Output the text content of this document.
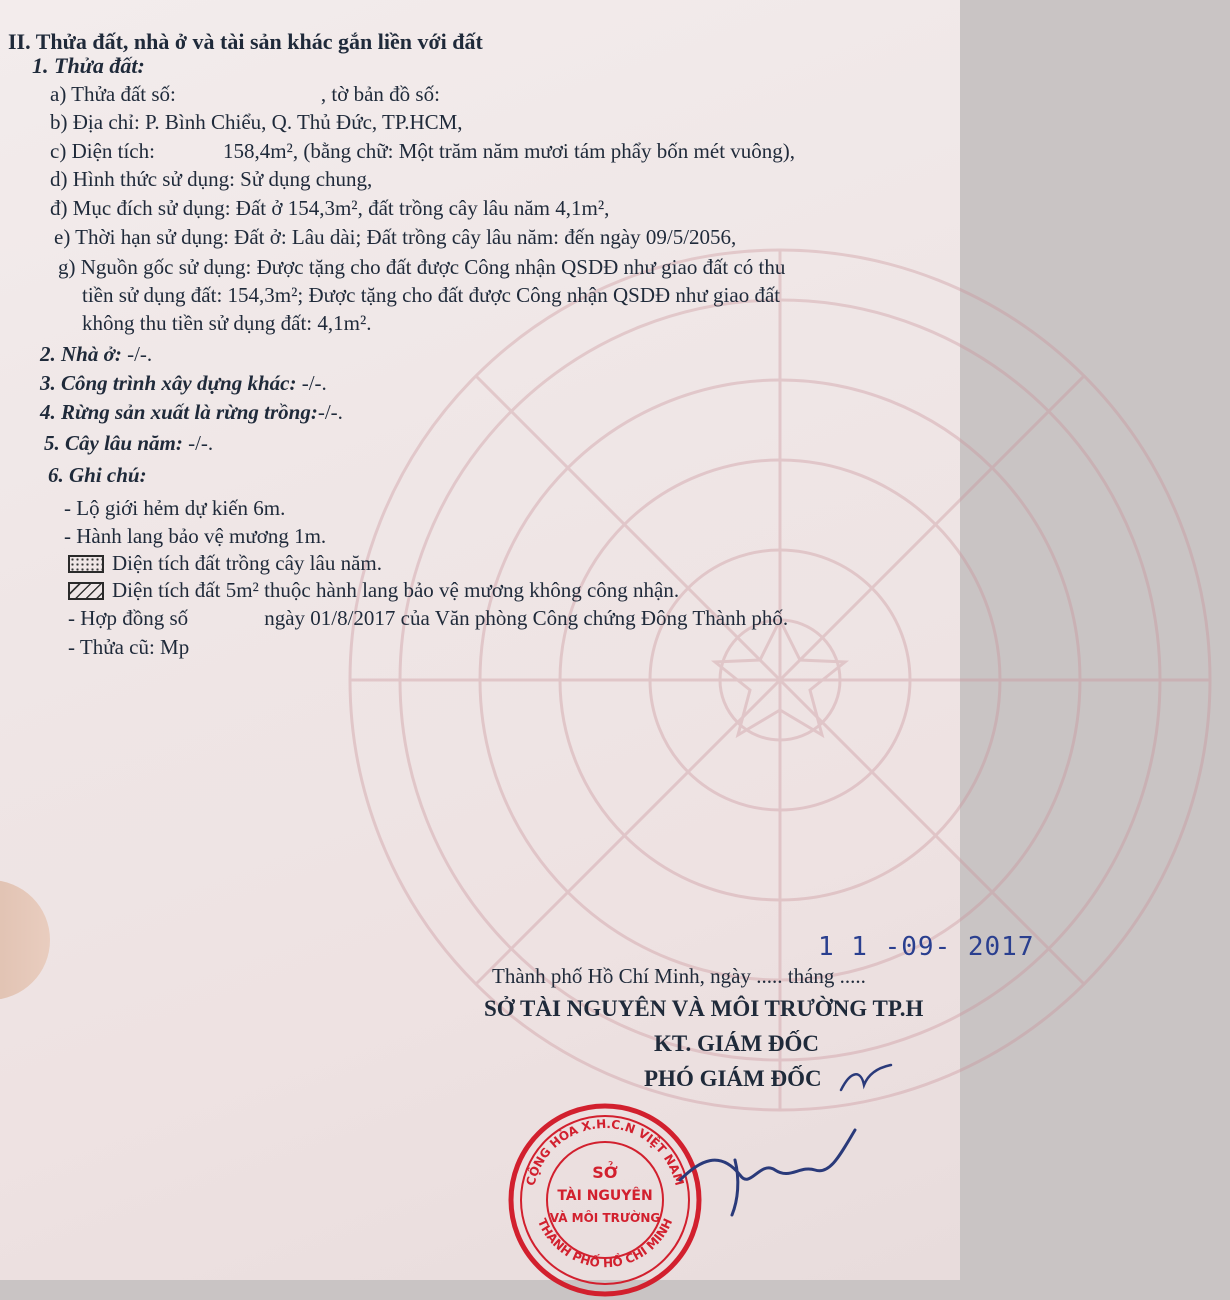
II. Thửa đất, nhà ở và tài sản khác gắn liền với đất
1. Thửa đất:
a) Thửa đất số:	, tờ bản đồ số:
b) Địa chỉ: P. Bình Chiểu, Q. Thủ Đức, TP.HCM,
c) Diện tích:	158,4m², (bằng chữ: Một trăm năm mươi tám phẩy bốn mét vuông),
d) Hình thức sử dụng: Sử dụng chung,
đ) Mục đích sử dụng: Đất ở 154,3m², đất trồng cây lâu năm 4,1m²,
e) Thời hạn sử dụng: Đất ở: Lâu dài; Đất trồng cây lâu năm: đến ngày 09/5/2056,
g) Nguồn gốc sử dụng: Được tặng cho đất được Công nhận QSDĐ như giao đất có thu
tiền sử dụng đất: 154,3m²; Được tặng cho đất được Công nhận QSDĐ như giao đất
không thu tiền sử dụng đất: 4,1m².
2. Nhà ở: -/-.
3. Công trình xây dựng khác: -/-.
4. Rừng sản xuất là rừng trồng:-/-.
5. Cây lâu năm: -/-.
6. Ghi chú:
- Lộ giới hẻm dự kiến 6m.
- Hành lang bảo vệ mương 1m.
Diện tích đất trồng cây lâu năm.
Diện tích đất 5m² thuộc hành lang bảo vệ mương không công nhận.
- Hợp đồng số	ngày 01/8/2017 của Văn phòng Công chứng Đông Thành phố.
- Thửa cũ: Mp
1 1 -09- 2017
Thành phố Hồ Chí Minh, ngày ..... tháng .....
SỞ TÀI NGUYÊN VÀ MÔI TRƯỜNG TP.H
KT. GIÁM ĐỐC
PHÓ GIÁM ĐỐC
CỘNG HÒA X.H.C.N VIỆT NAM
THÀNH PHỐ HỒ CHÍ MINH
SỞ
TÀI NGUYÊN
VÀ MÔI TRƯỜNG
